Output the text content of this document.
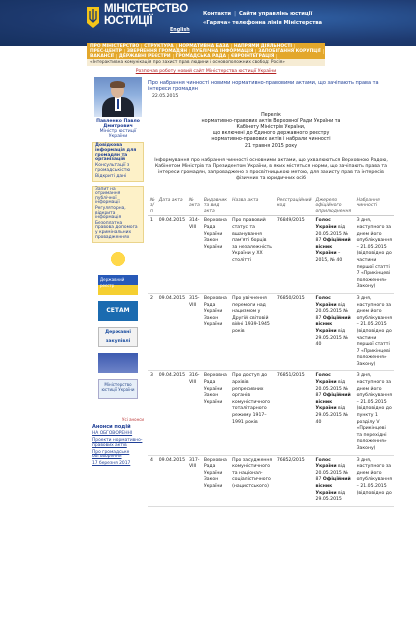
МІНІСТЕРСТВО
ЮСТИЦІЇ
Контакти | Сайти управлінь юстиції
«Гаряча» телефонна лінія Міністерства
English
ПРО МІНІСТЕРСТВО	СТРУКТУРА	НОРМАТИВНА БАЗА	НАПРЯМИ ДІЯЛЬНОСТІ
ПРЕС-ЦЕНТР	ЗВЕРНЕННЯ ГРОМАДЯН	ПУБЛІЧНА ІНФОРМАЦІЯ	ЗАПОБІГАННЯ КОРУПЦІЇ
ВАКАНСІЇ	ДЕРЖАВНІ РЕЄСТРИ	ГРОМАДСЬКА РАДА	ЄВРОІНТЕГРАЦІЯ
«Інтерактивна комунікація про захист прав людини і основоположних свобод: Росія»
Розпочав роботу новий сайт Міністерства юстиції України
Павленко Павло Дмитрович
Міністр юстиції України
Довідкова інформація для громадян та організацій
Консультації з громадськістю
Відкриті дані
Запит на отримання публічної інформації
Регуляторна, відкрита інформація
Безоплатна правова допомога у кримінальних провадженнях
Державний реєстр
СЕТАМ
Державні закупівлі
Міністерство юстиції України
Усі анонси
Анонси подій
НА ОБГОВОРЕННІ
Проекти нормативно-правових актів
Про громадське обговорення
17 березня 2017
Про набрання чинності новими нормативно-правовими актами, що зачіпають права та інтереси громадян
22.05.2015
Перелік
нормативно-правових актів Верховної Ради України та
Кабінету Міністрів України,
що включені до Єдиного державного реєстру
нормативно-правових актів і набрали чинності
21 травня 2015 року
Інформування про набрання чинності основними актами, що ухвалюються Верховною Радою, Кабінетом Міністрів та Президентом України, в яких містяться норми, що зачіпають права та інтереси громадян, запроваджено з просвітницькою метою, для захисту прав та інтересів фізичних та юридичних осіб
№ з/п	Дата акта	№ акта	Видавник та вид акта	Назва акта	Реєстраційний код	Джерело офіційного оприлюднення	Набрання чинності
1	09.04.2015	314-VIII	Верховна Рада України Закон України	Про правовий статус та вшанування пам'яті борців за незалежність України у XX столітті	76849/2015	Голос України від 20.05.2015 № 87 Офіційний вісник України – 2015, № 40	З дня, наступного за днем його опублікування – 21.05.2015 (відповідно до частини першої статті 7 «Прикінцеві положення» Закону)
2	09.04.2015	315-VIII	Верховна Рада України Закон України	Про увічнення перемоги над нацизмом у Другій світовій війні 1939-1945 років	76850/2015	Голос України від 20.05.2015 № 87 Офіційний вісник України від 29.05.2015 № 40	З дня, наступного за днем його опублікування – 21.05.2015 (відповідно до частини першої статті 7 «Прикінцеві положення» Закону)
3	09.04.2015	316-VIII	Верховна Рада України Закон України	Про доступ до архівів репресивних органів комуністичного тоталітарного режиму 1917–1991 років	76851/2015	Голос України від 20.05.2015 № 87 Офіційний вісник України від 29.05.2015 № 40	З дня, наступного за днем його опублікування – 21.05.2015 (відповідно до пункту 1 розділу V «Прикінцеві та перехідні положення» Закону)
4	09.04.2015	317-VIII	Верховна Рада України Закон України	Про засудження комуністичного та націонал-соціалістичного (нацистського)	76852/2015	Голос України від 20.05.2015 № 87 Офіційний вісник України від 29.05.2015	З дня, наступного за днем його опублікування – 21.05.2015 (відповідно до
